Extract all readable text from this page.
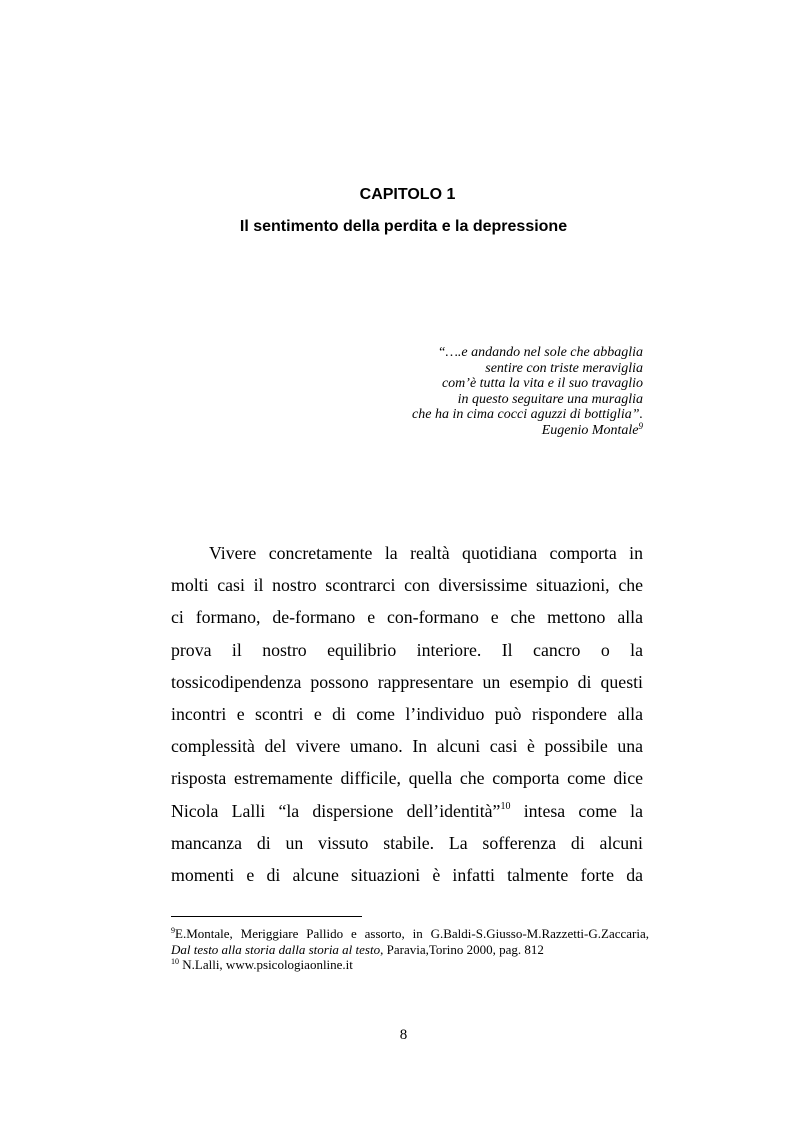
CAPITOLO 1
Il sentimento della perdita e la depressione
“….e andando nel sole che abbaglia
sentire con triste meraviglia
com’è tutta la vita e il suo travaglio
in questo seguitare una muraglia
che ha in cima cocci aguzzi di bottiglia”.
Eugenio Montale$^9$
Vivere concretamente la realtà quotidiana comporta in
molti casi il nostro scontrarci con diversissime situazioni, che
ci formano, de-formano e con-formano e che mettono alla
prova il nostro equilibrio interiore. Il cancro o la
tossicodipendenza possono rappresentare un esempio di questi
incontri e scontri e di come l’individuo può rispondere alla
complessità del vivere umano. In alcuni casi è possibile una
risposta estremamente difficile, quella che comporta come dice
Nicola Lalli “la dispersione dell’identità”$^{10}$ intesa come la
mancanza di un vissuto stabile. La sofferenza di alcuni
momenti e di alcune situazioni è infatti talmente forte da
$^9$E.Montale, Meriggiare Pallido e assorto, in G.Baldi-S.Giusso-M.Razzetti-G.Zaccaria,
Dal testo alla storia dalla storia al testo, Paravia,Torino 2000, pag. 812
$^{10}$ N.Lalli, www.psicologiaonline.it
8
